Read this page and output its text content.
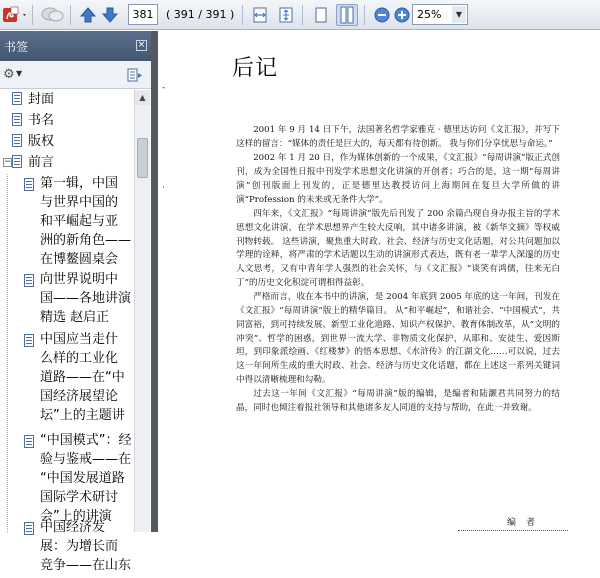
381	( 391 / 391 )	25%	▼
书签	×
⚙ ▼
封面
书名
版权
− 前言
第一辑，中国
与世界中国的
和平崛起与亚
洲的新角色——
在博鳌圆桌会
向世界说明中
国——各地讲演
精选 赵启正
中国应当走什
么样的工业化
道路——在“中
国经济展望论
坛”上的主题讲
“中国模式”：经
验与鉴戒——在
“中国发展道路
国际学术研讨
会”上的讲演
中国经济发
展：为增长而
竞争——在山东
▲
-
·
后记

2001 年 9 月 14 日下午，法国著名哲学家雅克 · 德里达访问《文汇报》，并写下这样的留言：“媒体的责任是巨大的，每天都有待创新。 我与你们分享忧思与命运。”

2002 年 1 月 20 日，作为媒体创新的一个成果，《文汇报》“每周讲演”版正式创刊，成为全国性日报中刊发学术思想文化讲演的开创者；巧合的是，这一期“每周讲演”创刊版面上刊发的，正是德里达教授访问上海期间在复旦大学所做的讲演“Profession 的未来或无条件大学”。

四年来，《文汇报》“每周讲演”版先后刊发了 200 余篇凸现自身办报主旨的学术思想文化讲演，在学术思想界产生较大反响，其中诸多讲演，被《新华文摘》等权威刊物转载。 这些讲演，聚焦重大时政、社会、经济与历史文化话题，对公共问题加以学理的诠释，将严肃的学术话题以生动的讲演形式表达，既有老一辈学人深邃的历史人文思考，又有中青年学人强烈的社会关怀，与《文汇报》“谈笑有鸿儒，往来无白丁”的历史文化积淀可谓相得益彰。

严格而言，收在本书中的讲演，是 2004 年底到 2005 年底的这一年间，刊发在《文汇报》“每周讲演”版上的精华篇目。 从“和平崛起”，和谐社会、“中国模式”，共同富裕，到可持续发展、新型工业化道路、知识产权保护、教育体制改革，从“文明的冲突”、哲学的困惑，到世界一流大学、非物质文化保护，从耶和、安徒生、爱因斯坦，到印象派绘画、《红楼梦》的悟本思想、《水浒传》的江湖文化……可以说，过去这一年间所生成的重大时政、社会、经济与历史文化话题，都在上述这一系列关键词中得以清晰梳理和勾勒。

过去这一年间《文汇报》“每周讲演”版的编辑，是编者和陆灏君共同努力的结晶，同时也倾注着报社领导和其他诸多友人同道的支持与帮助，在此一并致谢。

编者
